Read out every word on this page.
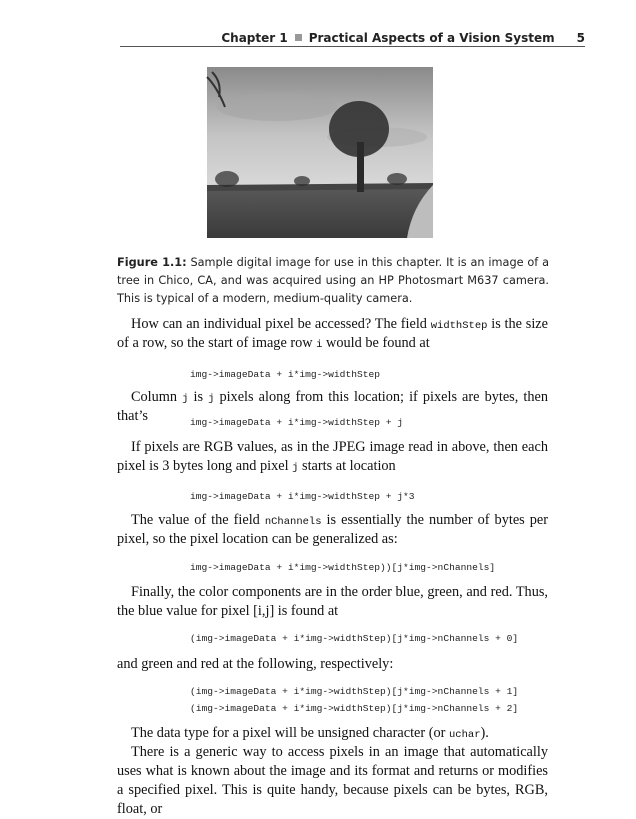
Chapter 1 Practical Aspects of a Vision System 5
Figure 1.1: Sample digital image for use in this chapter. It is an image of a tree in Chico, CA, and was acquired using an HP Photosmart M637 camera. This is typical of a modern, medium-quality camera.
How can an individual pixel be accessed? The field widthStep is the size of a row, so the start of image row i would be found at
img->imageData + i*img->widthStep
Column j is j pixels along from this location; if pixels are bytes, then that’s	img->imageData + i*img->widthStep + j
If pixels are RGB values, as in the JPEG image read in above, then each pixel is 3 bytes long and pixel j starts at location
img->imageData + i*img->widthStep + j*3
The value of the field nChannels is essentially the number of bytes per pixel, so the pixel location can be generalized as:
img->imageData + i*img->widthStep))[j*img->nChannels]
Finally, the color components are in the order blue, green, and red. Thus, the blue value for pixel [i,j] is found at
(img->imageData + i*img->widthStep)[j*img->nChannels + 0]
and green and red at the following, respectively:
(img->imageData + i*img->widthStep)[j*img->nChannels + 1]
(img->imageData + i*img->widthStep)[j*img->nChannels + 2]
The data type for a pixel will be unsigned character (or uchar).
There is a generic way to access pixels in an image that automatically uses what is known about the image and its format and returns or modifies a specified pixel. This is quite handy, because pixels can be bytes, RGB, float, or
